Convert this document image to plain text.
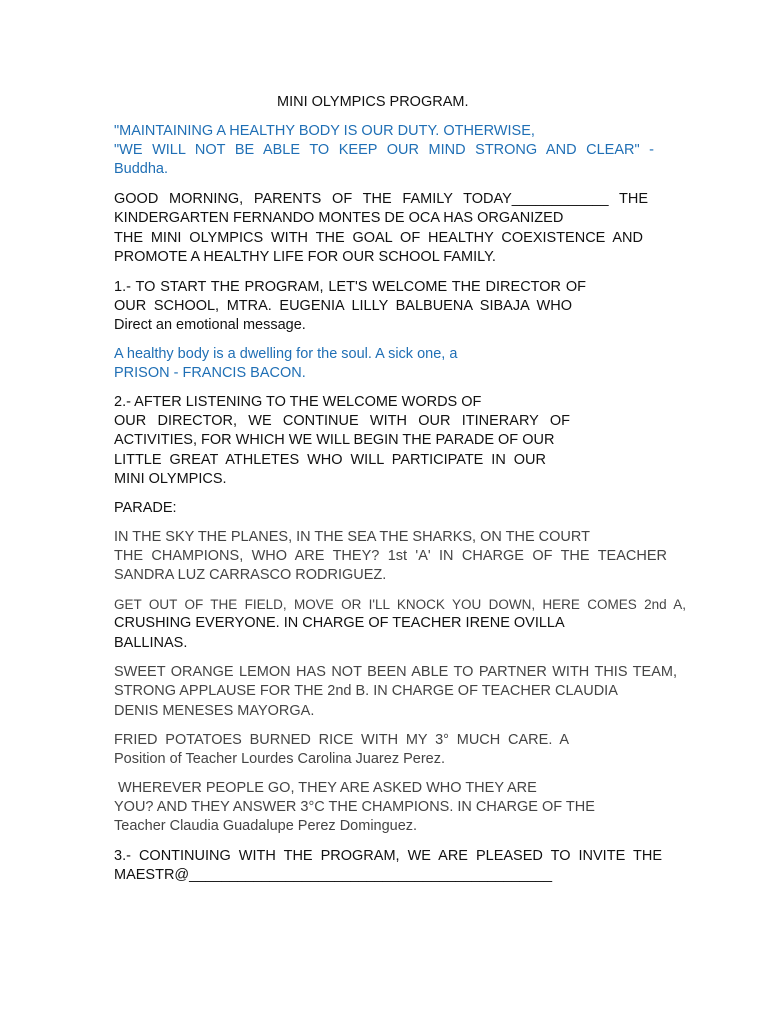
MINI OLYMPICS PROGRAM.
"MAINTAINING A HEALTHY BODY IS OUR DUTY. OTHERWISE,
"WE WILL NOT BE ABLE TO KEEP OUR MIND STRONG AND CLEAR" -
Buddha.
GOOD MORNING, PARENTS OF THE FAMILY TODAY____________ THE
KINDERGARTEN FERNANDO MONTES DE OCA HAS ORGANIZED
THE MINI OLYMPICS WITH THE GOAL OF HEALTHY COEXISTENCE AND
PROMOTE A HEALTHY LIFE FOR OUR SCHOOL FAMILY.
1.- TO START THE PROGRAM, LET'S WELCOME THE DIRECTOR OF
OUR SCHOOL, MTRA. EUGENIA LILLY BALBUENA SIBAJA WHO
Direct an emotional message.
A healthy body is a dwelling for the soul. A sick one, a
PRISON - FRANCIS BACON.
2.- AFTER LISTENING TO THE WELCOME WORDS OF
OUR DIRECTOR, WE CONTINUE WITH OUR ITINERARY OF
ACTIVITIES, FOR WHICH WE WILL BEGIN THE PARADE OF OUR
LITTLE GREAT ATHLETES WHO WILL PARTICIPATE IN OUR
MINI OLYMPICS.
PARADE:
IN THE SKY THE PLANES, IN THE SEA THE SHARKS, ON THE COURT
THE CHAMPIONS, WHO ARE THEY? 1st 'A' IN CHARGE OF THE TEACHER
SANDRA LUZ CARRASCO RODRIGUEZ.
GET OUT OF THE FIELD, MOVE OR I'LL KNOCK YOU DOWN, HERE COMES 2nd A,
CRUSHING EVERYONE. IN CHARGE OF TEACHER IRENE OVILLA
BALLINAS.
SWEET ORANGE LEMON HAS NOT BEEN ABLE TO PARTNER WITH THIS TEAM,
STRONG APPLAUSE FOR THE 2nd B. IN CHARGE OF TEACHER CLAUDIA
DENIS MENESES MAYORGA.
FRIED POTATOES BURNED RICE WITH MY 3° MUCH CARE. A
Position of Teacher Lourdes Carolina Juarez Perez.
WHEREVER PEOPLE GO, THEY ARE ASKED WHO THEY ARE
YOU? AND THEY ANSWER 3°C THE CHAMPIONS. IN CHARGE OF THE
Teacher Claudia Guadalupe Perez Dominguez.
3.- CONTINUING WITH THE PROGRAM, WE ARE PLEASED TO INVITE THE
MAESTR@_____________________________________________
